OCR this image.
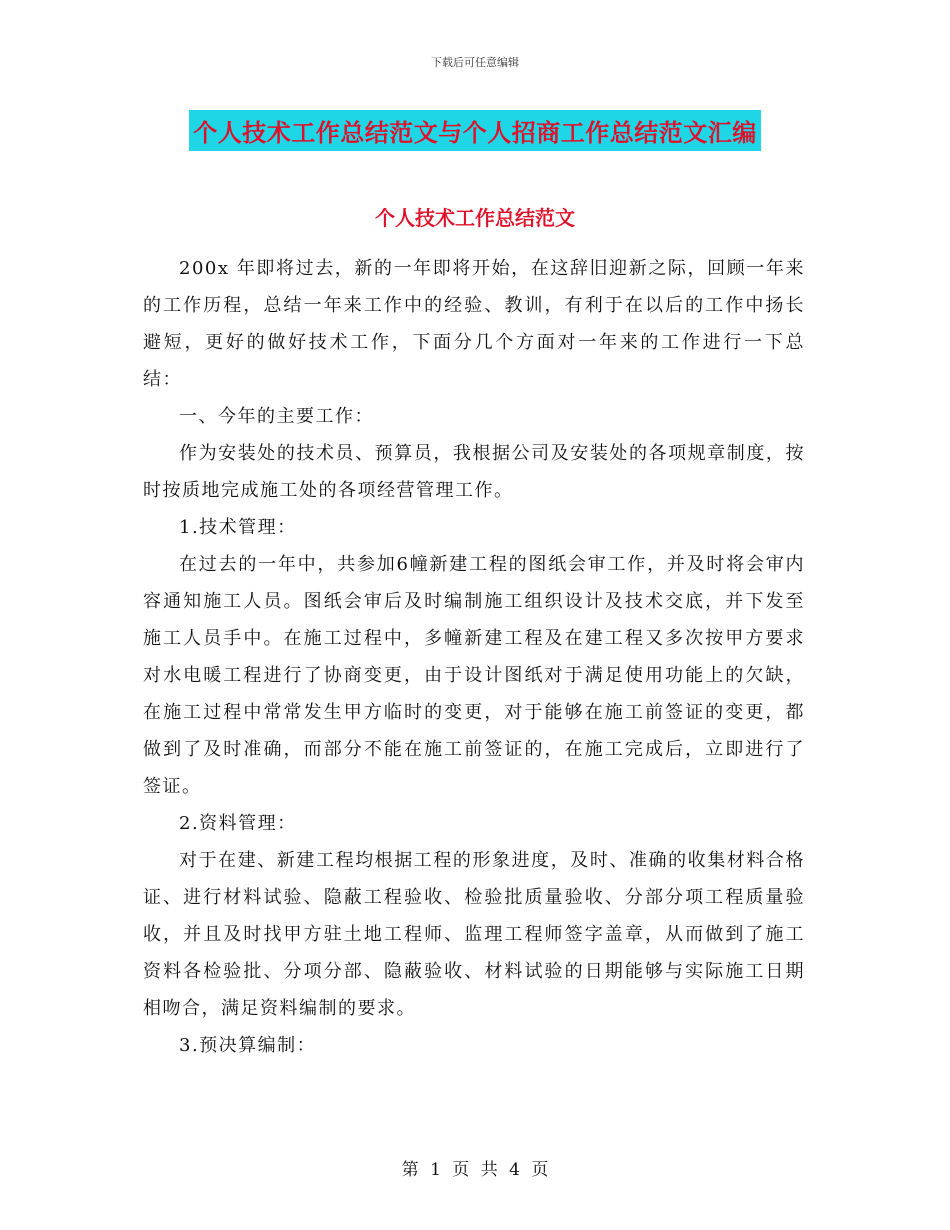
下载后可任意编辑
个人技术工作总结范文与个人招商工作总结范文汇编
个人技术工作总结范文

200x 年即将过去，新的一年即将开始，在这辞旧迎新之际，回顾一年来的工作历程，总结一年来工作中的经验、教训，有利于在以后的工作中扬长避短，更好的做好技术工作，下面分几个方面对一年来的工作进行一下总结：

一、今年的主要工作：

作为安装处的技术员、预算员，我根据公司及安装处的各项规章制度，按时按质地完成施工处的各项经营管理工作。

1.技术管理：

在过去的一年中，共参加6幢新建工程的图纸会审工作，并及时将会审内容通知施工人员。图纸会审后及时编制施工组织设计及技术交底，并下发至施工人员手中。在施工过程中，多幢新建工程及在建工程又多次按甲方要求对水电暖工程进行了协商变更，由于设计图纸对于满足使用功能上的欠缺，在施工过程中常常发生甲方临时的变更，对于能够在施工前签证的变更，都做到了及时准确，而部分不能在施工前签证的，在施工完成后，立即进行了签证。

2.资料管理：

对于在建、新建工程均根据工程的形象进度，及时、准确的收集材料合格证、进行材料试验、隐蔽工程验收、检验批质量验收、分部分项工程质量验收，并且及时找甲方驻土地工程师、监理工程师签字盖章，从而做到了施工资料各检验批、分项分部、隐蔽验收、材料试验的日期能够与实际施工日期相吻合，满足资料编制的要求。

3.预决算编制：

第 1 页 共 4 页
